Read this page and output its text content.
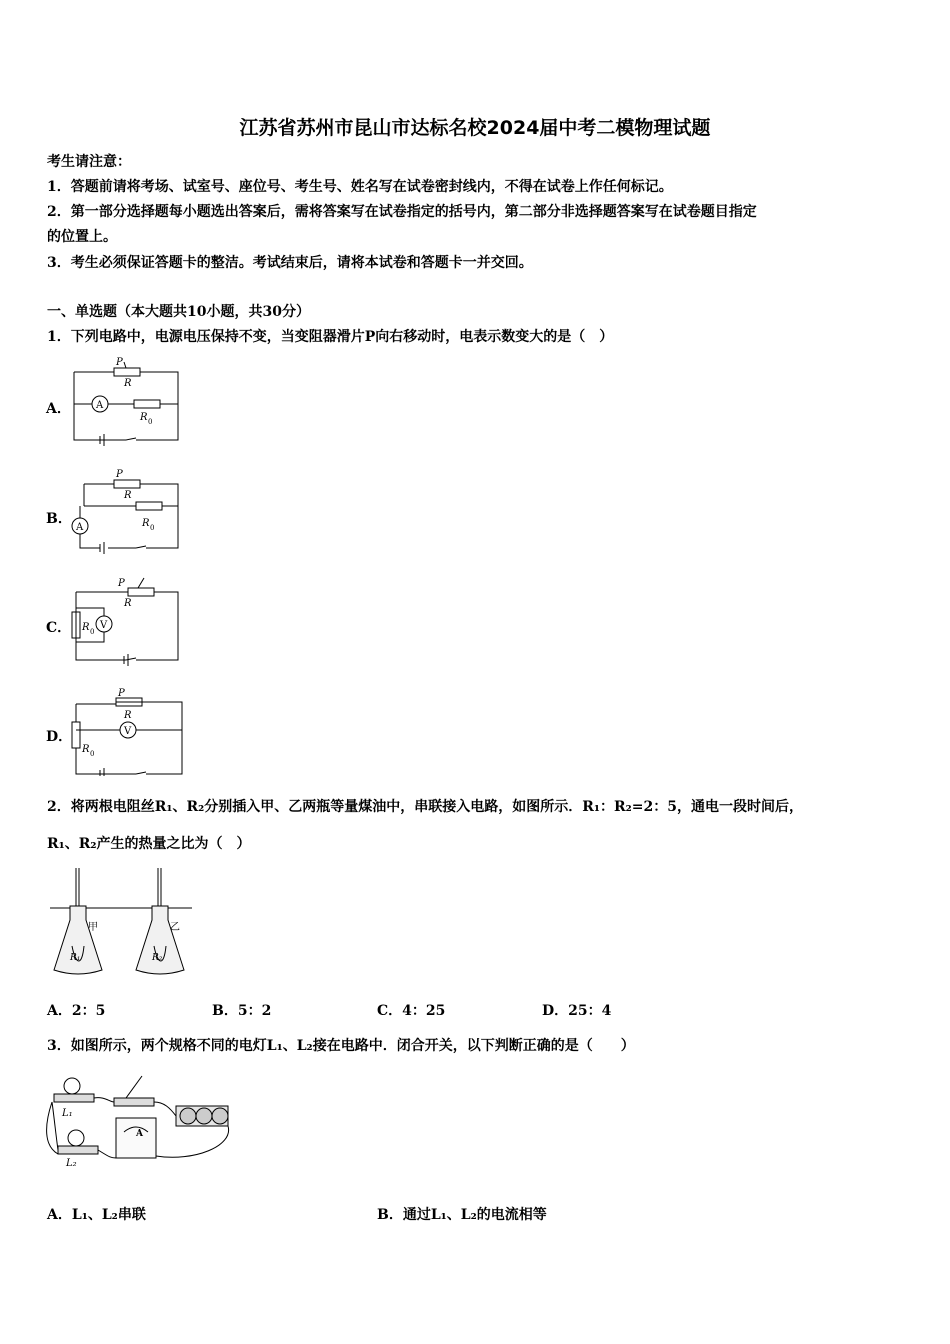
江苏省苏州市昆山市达标名校2024届中考二模物理试题
考生请注意：
1．答题前请将考场、试室号、座位号、考生号、姓名写在试卷密封线内，不得在试卷上作任何标记。
2．第一部分选择题每小题选出答案后，需将答案写在试卷指定的括号内，第二部分非选择题答案写在试卷题目指定
的位置上。
3．考生必须保证答题卡的整洁。考试结束后，请将本试卷和答题卡一并交回。
一、单选题（本大题共10小题，共30分）
1．下列电路中，电源电压保持不变，当变阻器滑片P向右移动时，电表示数变大的是（　）
A．
B．
C．
D．
P
R
A
R 0
P
R
A	R 0
P
R
R 0
V
P
R
V
R 0
2．将两根电阻丝R₁、R₂分别插入甲、乙两瓶等量煤油中，串联接入电路，如图所示．R₁：R₂=2：5，通电一段时间后，
R₁、R₂产生的热量之比为（　）
甲	乙
R₁	R₂
A．2：5	B．5：2	C．4：25	D．25：4
3．如图所示，两个规格不同的电灯L₁、L₂接在电路中．闭合开关，以下判断正确的是（　　）
A
L₁
L₂
A．L₁、L₂串联	B．通过L₁、L₂的电流相等
